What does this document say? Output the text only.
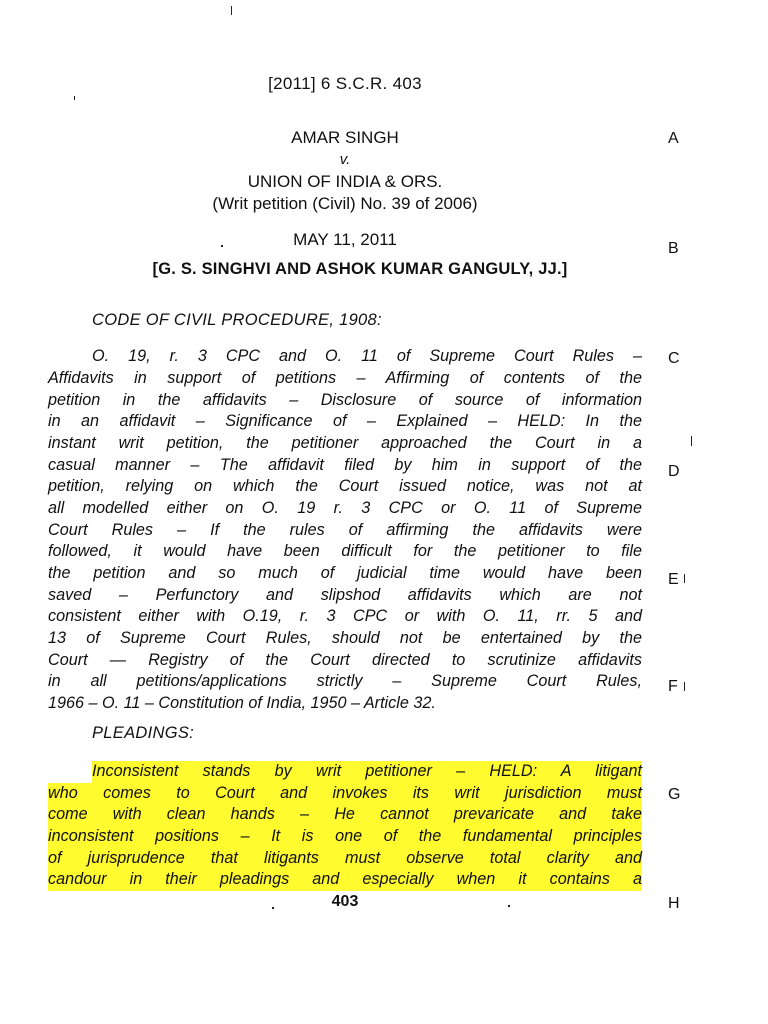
[2011] 6 S.C.R. 403
AMAR SINGH
v.
UNION OF INDIA & ORS.
(Writ petition (Civil) No. 39 of 2006)
MAY 11, 2011
[G. S. SINGHVI AND ASHOK KUMAR GANGULY, JJ.]
CODE OF CIVIL PROCEDURE, 1908:
O. 19, r. 3 CPC and O. 11 of Supreme Court Rules –
Affidavits in support of petitions – Affirming of contents of the
petition in the affidavits – Disclosure of source of information
in an affidavit – Significance of – Explained – HELD: In the
instant writ petition, the petitioner approached the Court in a
casual manner – The affidavit filed by him in support of the
petition, relying on which the Court issued notice, was not at
all modelled either on O. 19 r. 3 CPC or O. 11 of Supreme
Court Rules – If the rules of affirming the affidavits were
followed, it would have been difficult for the petitioner to file
the petition and so much of judicial time would have been
saved – Perfunctory and slipshod affidavits which are not
consistent either with O.19, r. 3 CPC or with O. 11, rr. 5 and
13 of Supreme Court Rules, should not be entertained by the
Court — Registry of the Court directed to scrutinize affidavits
in all petitions/applications strictly – Supreme Court Rules,
1966 – O. 11 – Constitution of India, 1950 – Article 32.
PLEADINGS:
Inconsistent stands by writ petitioner – HELD: A litigant
who comes to Court and invokes its writ jurisdiction must
come with clean hands – He cannot prevaricate and take
inconsistent positions – It is one of the fundamental principles
of jurisprudence that litigants must observe total clarity and
candour in their pleadings and especially when it contains a
A
B
C
D
E
F
G
H
403
